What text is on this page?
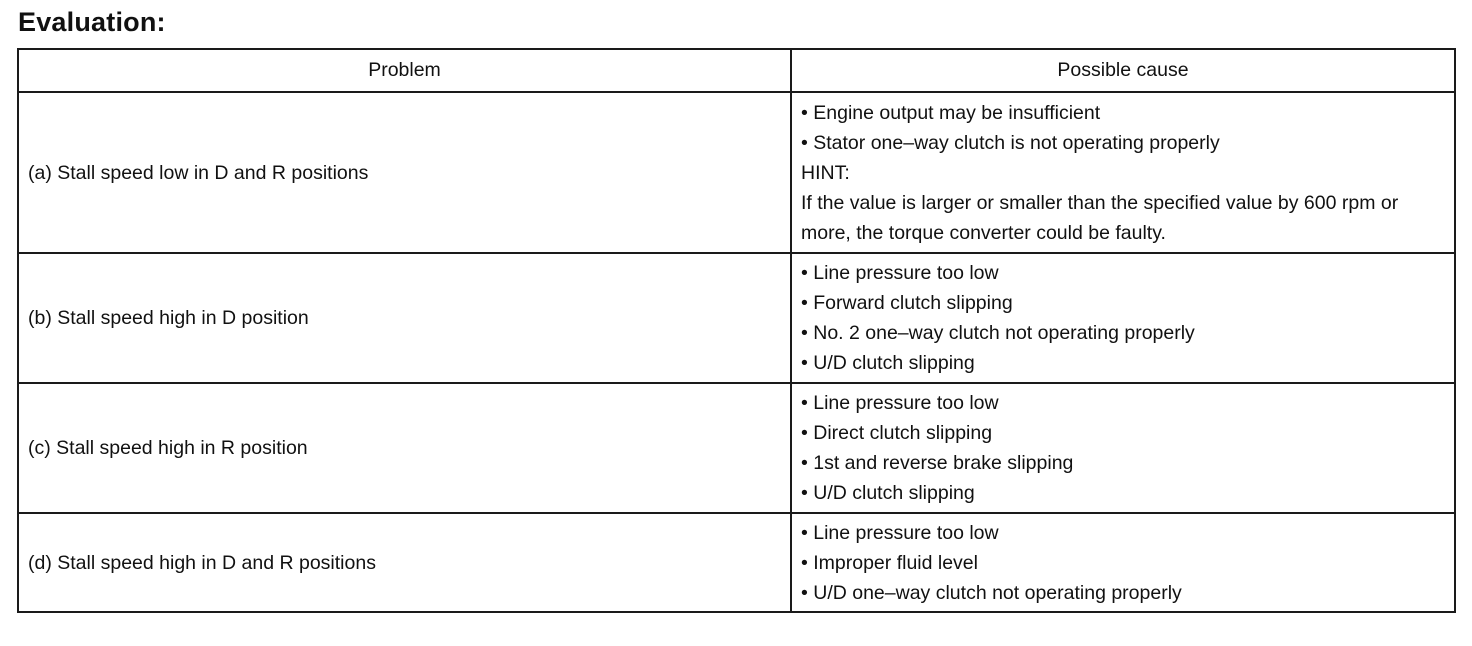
Evaluation:
Problem	Possible cause
(a) Stall speed low in D and R positions	• Engine output may be insufficient
• Stator one–way clutch is not operating properly
HINT:
If the value is larger or smaller than the specified value by 600 rpm or more, the torque converter could be faulty.

(b) Stall speed high in D position	• Line pressure too low
• Forward clutch slipping
• No. 2 one–way clutch not operating properly
• U/D clutch slipping

(c) Stall speed high in R position	• Line pressure too low
• Direct clutch slipping
• 1st and reverse brake slipping
• U/D clutch slipping

(d) Stall speed high in D and R positions	• Line pressure too low
• Improper fluid level
• U/D one–way clutch not operating properly
